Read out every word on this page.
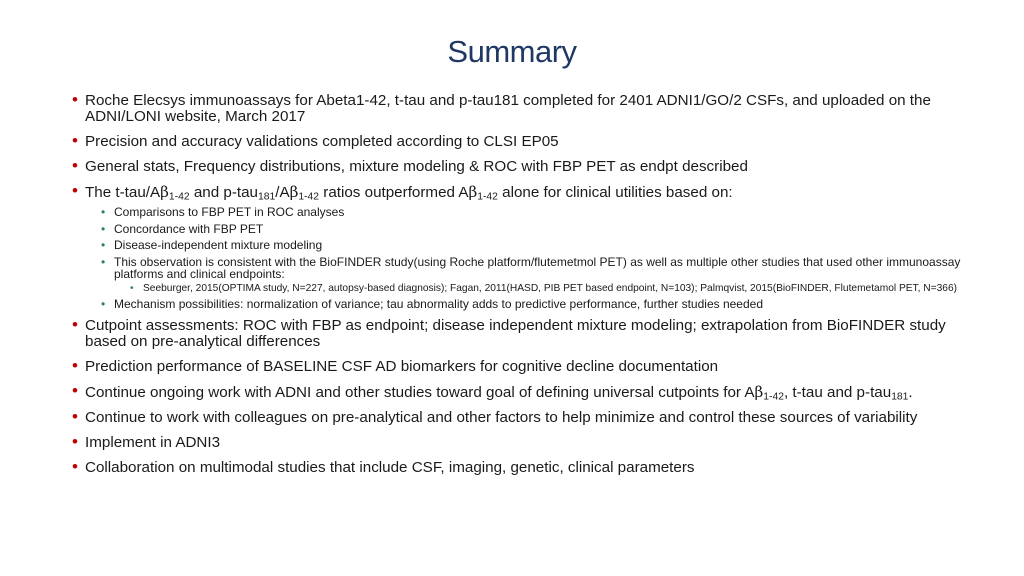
Summary
• Roche Elecsys immunoassays for Abeta1-42, t-tau and p-tau181 completed for 2401 ADNI1/GO/2 CSFs, and uploaded on the ADNI/LONI website, March 2017
• Precision and accuracy validations completed according to CLSI EP05
• General stats, Frequency distributions, mixture modeling & ROC with FBP PET as endpt described
• The $t-tau/A\beta_{1-42}$ and $p-tau_{181}/A\beta_{1-42}$ ratios outperformed $A\beta_{1-42}$ alone for clinical utilities based on:
• Comparisons to FBP PET in ROC analyses
• Concordance with FBP PET
• Disease-independent mixture modeling
• This observation is consistent with the BioFINDER study(using Roche platform/flutemetmol PET) as well as multiple other studies that used other immunoassay platforms and clinical endpoints:
• Seeburger, 2015(OPTIMA study, N=227, autopsy-based diagnosis); Fagan, 2011(HASD, PIB PET based endpoint, N=103); Palmqvist, 2015(BioFINDER, Flutemetamol PET, N=366)
• Mechanism possibilities: normalization of variance; tau abnormality adds to predictive performance, further studies needed
• Cutpoint assessments: ROC with FBP as endpoint; disease independent mixture modeling; extrapolation from BioFINDER study based on pre-analytical differences
• Prediction performance of BASELINE CSF AD biomarkers for cognitive decline documentation
• Continue ongoing work with ADNI and other studies toward goal of defining universal cutpoints for $A\beta_{1-42}$, t-tau and p-tau$_{181}$.
• Continue to work with colleagues on pre-analytical and other factors to help minimize and control these sources of variability
• Implement in ADNI3
• Collaboration on multimodal studies that include CSF, imaging, genetic, clinical parameters
